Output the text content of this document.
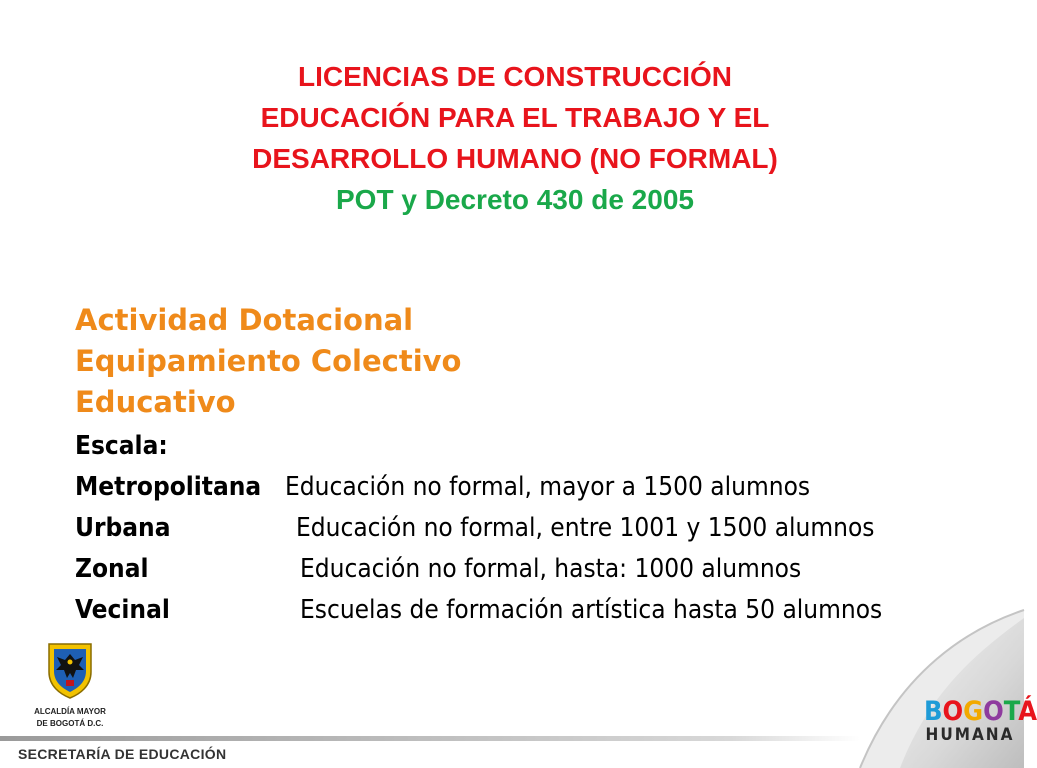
LICENCIAS DE CONSTRUCCIÓN
EDUCACIÓN PARA EL TRABAJO Y EL
DESARROLLO HUMANO (NO FORMAL)
POT y Decreto 430 de 2005
Actividad Dotacional
Equipamiento Colectivo
Educativo
Escala:
Metropolitana Educación no formal, mayor a 1500 alumnos
Urbana	Educación no formal, entre 1001 y 1500 alumnos
Zonal	Educación no formal, hasta: 1000 alumnos
Vecinal	Escuelas de formación artística hasta 50 alumnos
ALCALDÍA MAYOR
DE BOGOTÁ D.C.
SECRETARÍA DE EDUCACIÓN
BOGOTÁ
HUMANA
